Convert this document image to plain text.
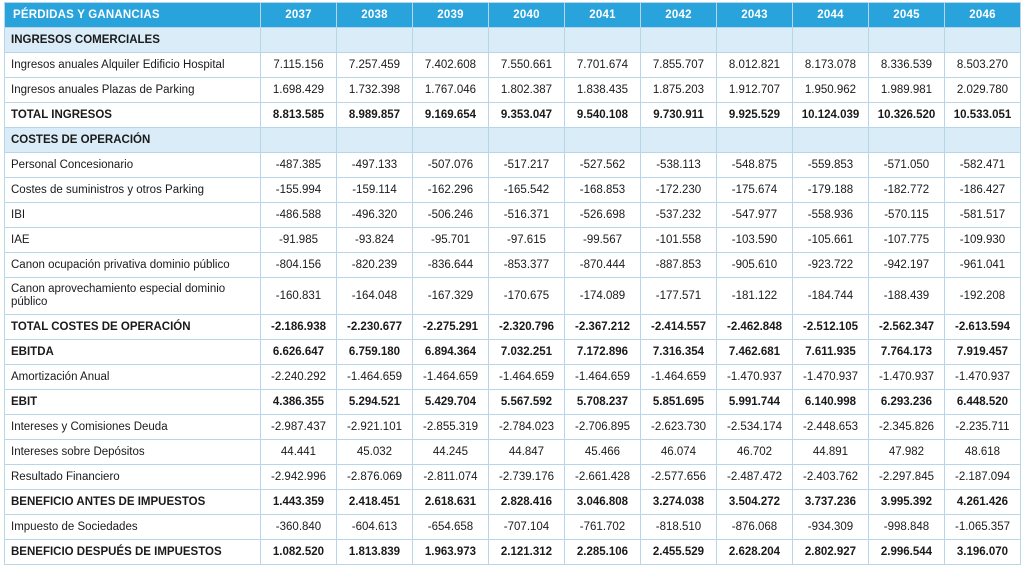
PÉRDIDAS Y GANANCIAS	2037	2038	2039	2040	2041	2042	2043	2044	2045	2046
INGRESOS COMERCIALES										
Ingresos anuales Alquiler Edificio Hospital	7.115.156	7.257.459	7.402.608	7.550.661	7.701.674	7.855.707	8.012.821	8.173.078	8.336.539	8.503.270
Ingresos anuales Plazas de Parking	1.698.429	1.732.398	1.767.046	1.802.387	1.838.435	1.875.203	1.912.707	1.950.962	1.989.981	2.029.780
TOTAL INGRESOS	8.813.585	8.989.857	9.169.654	9.353.047	9.540.108	9.730.911	9.925.529	10.124.039	10.326.520	10.533.051
COSTES DE OPERACIÓN										
Personal Concesionario	-487.385	-497.133	-507.076	-517.217	-527.562	-538.113	-548.875	-559.853	-571.050	-582.471
Costes de suministros y otros Parking	-155.994	-159.114	-162.296	-165.542	-168.853	-172.230	-175.674	-179.188	-182.772	-186.427
IBI	-486.588	-496.320	-506.246	-516.371	-526.698	-537.232	-547.977	-558.936	-570.115	-581.517
IAE	-91.985	-93.824	-95.701	-97.615	-99.567	-101.558	-103.590	-105.661	-107.775	-109.930
Canon ocupación privativa dominio público	-804.156	-820.239	-836.644	-853.377	-870.444	-887.853	-905.610	-923.722	-942.197	-961.041
Canon aprovechamiento especial dominio público	-160.831	-164.048	-167.329	-170.675	-174.089	-177.571	-181.122	-184.744	-188.439	-192.208
TOTAL COSTES DE OPERACIÓN	-2.186.938	-2.230.677	-2.275.291	-2.320.796	-2.367.212	-2.414.557	-2.462.848	-2.512.105	-2.562.347	-2.613.594
EBITDA	6.626.647	6.759.180	6.894.364	7.032.251	7.172.896	7.316.354	7.462.681	7.611.935	7.764.173	7.919.457
Amortización Anual	-2.240.292	-1.464.659	-1.464.659	-1.464.659	-1.464.659	-1.464.659	-1.470.937	-1.470.937	-1.470.937	-1.470.937
EBIT	4.386.355	5.294.521	5.429.704	5.567.592	5.708.237	5.851.695	5.991.744	6.140.998	6.293.236	6.448.520
Intereses y Comisiones Deuda	-2.987.437	-2.921.101	-2.855.319	-2.784.023	-2.706.895	-2.623.730	-2.534.174	-2.448.653	-2.345.826	-2.235.711
Intereses sobre Depósitos	44.441	45.032	44.245	44.847	45.466	46.074	46.702	44.891	47.982	48.618
Resultado Financiero	-2.942.996	-2.876.069	-2.811.074	-2.739.176	-2.661.428	-2.577.656	-2.487.472	-2.403.762	-2.297.845	-2.187.094
BENEFICIO ANTES DE IMPUESTOS	1.443.359	2.418.451	2.618.631	2.828.416	3.046.808	3.274.038	3.504.272	3.737.236	3.995.392	4.261.426
Impuesto de Sociedades	-360.840	-604.613	-654.658	-707.104	-761.702	-818.510	-876.068	-934.309	-998.848	-1.065.357
BENEFICIO DESPUÉS DE IMPUESTOS	1.082.520	1.813.839	1.963.973	2.121.312	2.285.106	2.455.529	2.628.204	2.802.927	2.996.544	3.196.070
